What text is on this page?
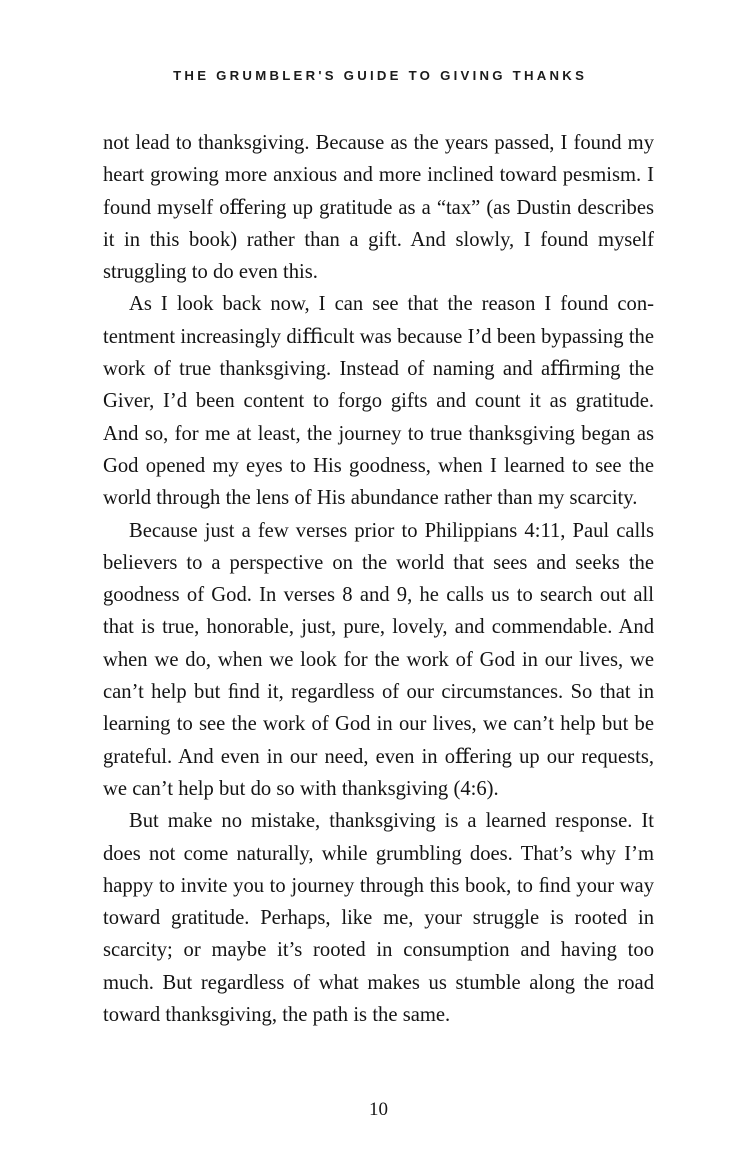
THE GRUMBLER'S GUIDE TO GIVING THANKS

not lead to thanksgiving. Because as the years passed, I found my heart growing more anxious and more inclined toward pesmism. I found myself oﬀering up gratitude as a “tax” (as Dustin describes it in this book) rather than a gift. And slowly, I found myself struggling to do even this.

As I look back now, I can see that the reason I found contentment increasingly diﬃcult was because I’d been bypassing the work of true thanksgiving. Instead of naming and aﬃrming the Giver, I’d been content to forgo gifts and count it as gratitude. And so, for me at least, the journey to true thanksgiving began as God opened my eyes to His goodness, when I learned to see the world through the lens of His abundance rather than my scarcity.

Because just a few verses prior to Philippians 4:11, Paul calls believers to a perspective on the world that sees and seeks the goodness of God. In verses 8 and 9, he calls us to search out all that is true, honorable, just, pure, lovely, and commendable. And when we do, when we look for the work of God in our lives, we can’t help but ﬁnd it, regardless of our circumstances. So that in learning to see the work of God in our lives, we can’t help but be grateful. And even in our need, even in oﬀering up our requests, we can’t help but do so with thanksgiving (4:6).

But make no mistake, thanksgiving is a learned response. It does not come naturally, while grumbling does. That’s why I’m happy to invite you to journey through this book, to ﬁnd your way toward gratitude. Perhaps, like me, your struggle is rooted in scarcity; or maybe it’s rooted in consumption and having too much. But regardless of what makes us stumble along the road toward thanksgiving, the path is the same.

10
